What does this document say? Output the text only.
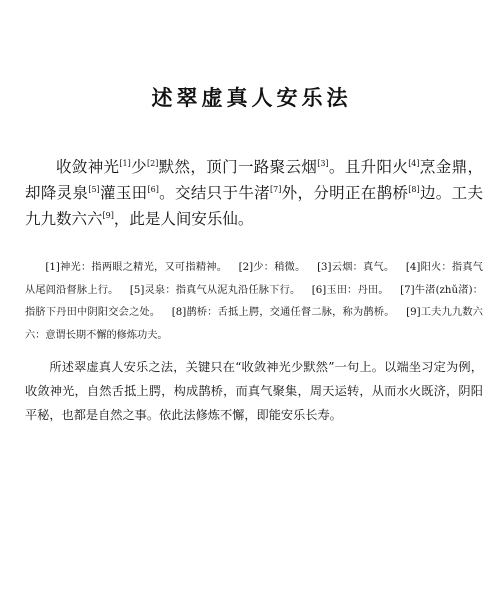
述翠虚真人安乐法

收敛神光[1]少[2]默然，顶门一路聚云烟[3]。且升阳火[4]烹金鼎，却降灵泉[5]灌玉田[6]。交结只于牛渚[7]外，分明正在鹊桥[8]边。工夫九九数六六[9]，此是人间安乐仙。

[1]神光：指两眼之精光，又可指精神。 [2]少：稍微。 [3]云烟：真气。 [4]阳火：指真气从尾闾沿督脉上行。 [5]灵泉：指真气从泥丸沿任脉下行。 [6]玉田：丹田。 [7]牛渚(zhǔ渚)：指脐下丹田中阴阳交会之处。 [8]鹊桥：舌抵上腭，交通任督二脉，称为鹊桥。 [9]工夫九九数六六：意谓长期不懈的修炼功夫。

所述翠虚真人安乐之法，关键只在“收敛神光少默然”一句上。以端坐习定为例，收敛神光，自然舌抵上腭，构成鹊桥，而真气聚集，周天运转，从而水火既济，阴阳平秘，也都是自然之事。依此法修炼不懈，即能安乐长寿。
